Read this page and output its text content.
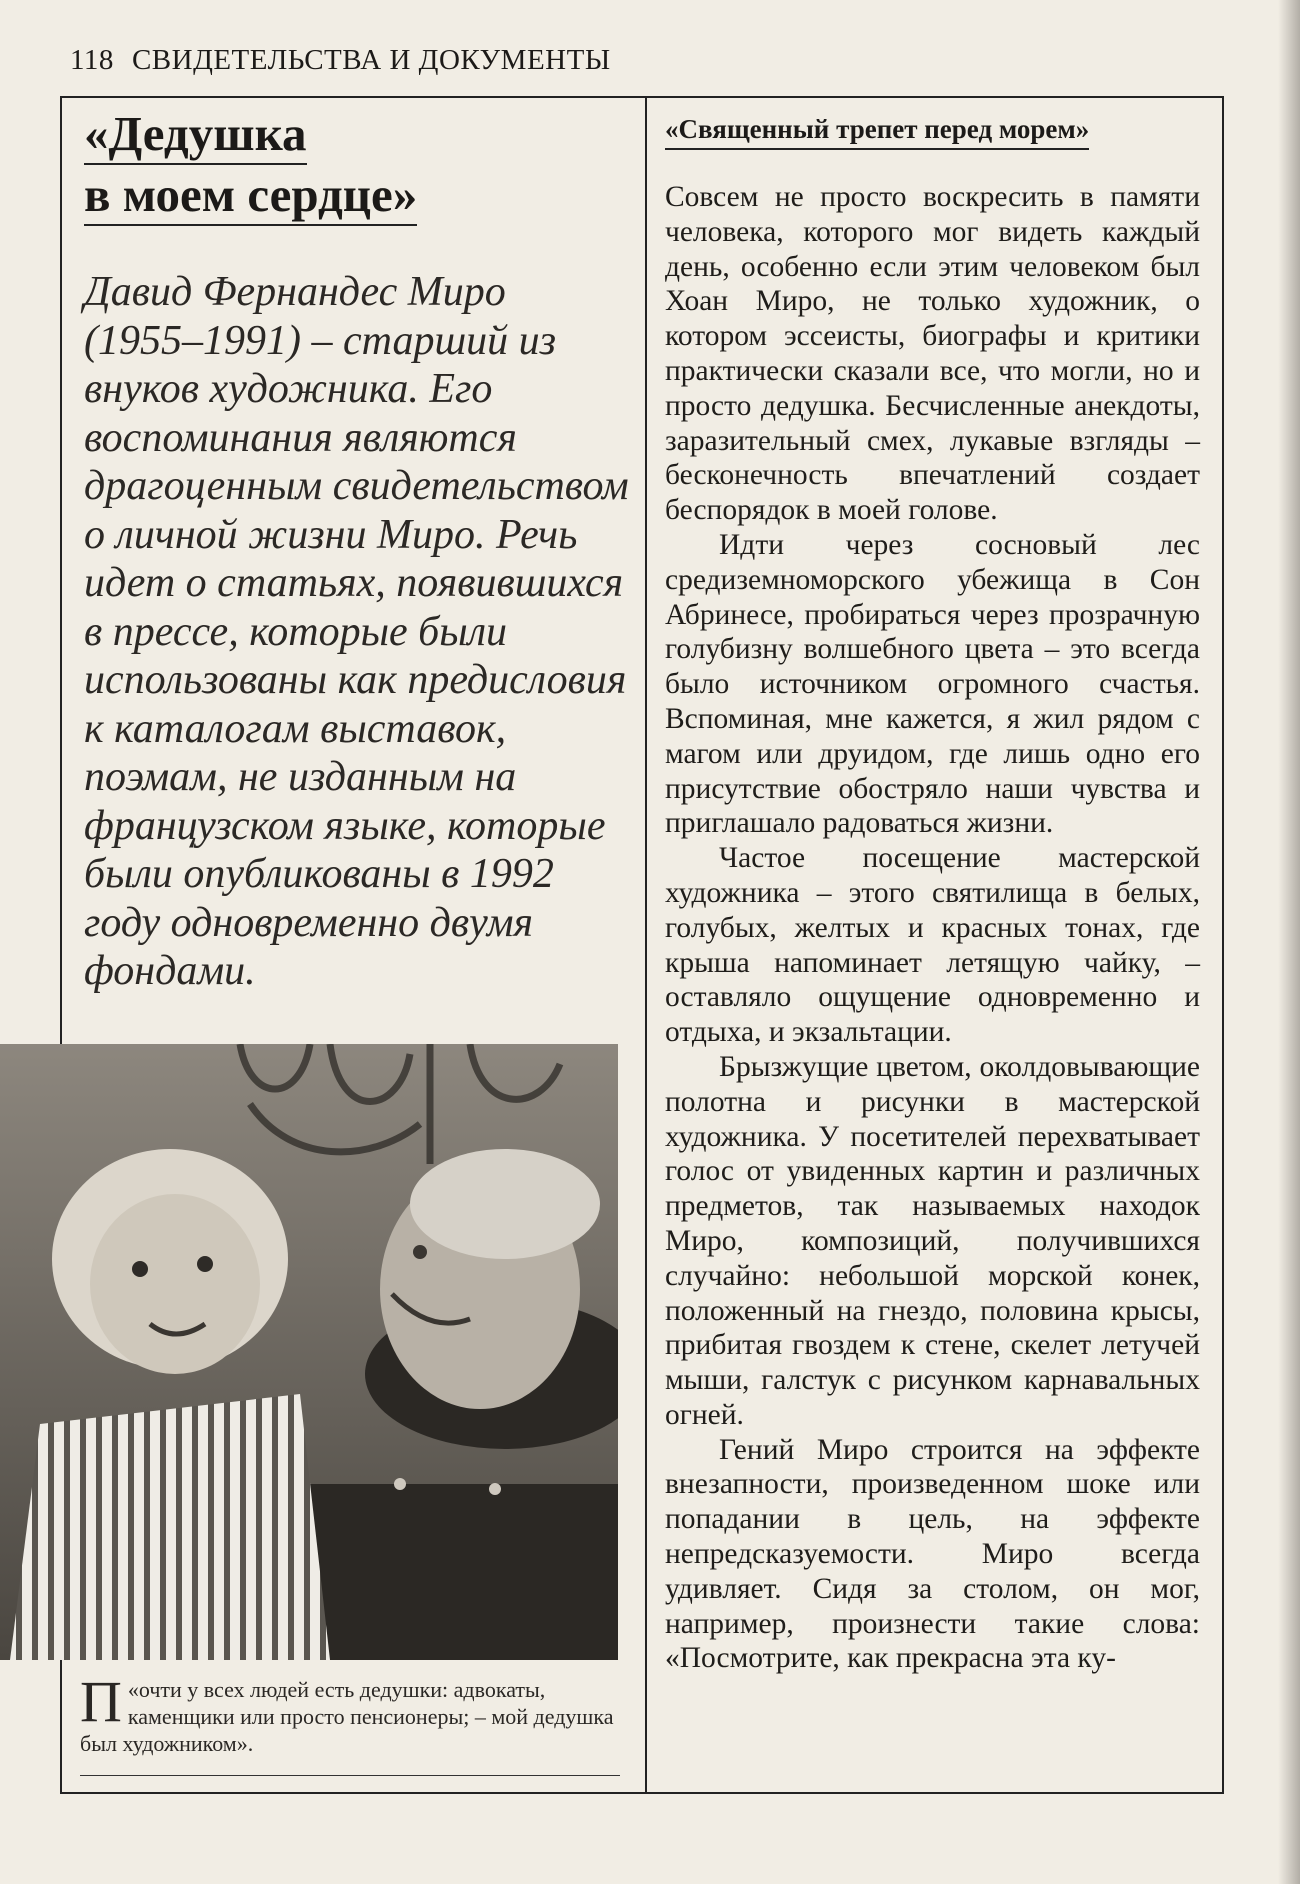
118 СВИДЕТЕЛЬСТВА И ДОКУМЕНТЫ
«Дедушка
в моем сердце»

Давид Фернандес Миро (1955–1991) – старший из внуков художника. Его воспоминания являются драгоценным свидетельством о личной жизни Миро. Речь идет о статьях, появившихся в прессе, которые были использованы как предисловия к каталогам выставок, поэмам, не изданным на французском языке, которые были опубликованы в 1992 году одновременно двумя фондами.

«
П очти у всех людей есть дедушки: адвокаты, каменщики или просто пенсионеры; – мой дедушка был художником».
«Священный трепет перед морем»

Совсем не просто воскресить в памяти человека, которого мог видеть каждый день, особенно если этим человеком был Хоан Миро, не только художник, о котором эссеисты, биографы и критики практически сказали все, что могли, но и просто дедушка. Бесчисленные анекдоты, заразительный смех, лукавые взгляды – бесконечность впечатлений создает беспорядок в моей голове.

Идти через сосновый лес средиземноморского убежища в Сон Абринесе, пробираться через прозрачную голубизну волшебного цвета – это всегда было источником огромного счастья. Вспоминая, мне кажется, я жил рядом с магом или друидом, где лишь одно его присутствие обостряло наши чувства и приглашало радоваться жизни.

Частое посещение мастерской художника – этого святилища в белых, голубых, желтых и красных тонах, где крыша напоминает летящую чайку, – оставляло ощущение одновременно и отдыха, и экзальтации.

Брызжущие цветом, околдовывающие полотна и рисунки в мастерской художника. У посетителей перехватывает голос от увиденных картин и различных предметов, так называемых находок Миро, композиций, получившихся случайно: небольшой морской конек, положенный на гнездо, половина крысы, прибитая гвоздем к стене, скелет летучей мыши, галстук с рисунком карнавальных огней.

Гений Миро строится на эффекте внезапности, произведенном шоке или попадании в цель, на эффекте непредсказуемости. Миро всегда удивляет. Сидя за столом, он мог, например, произнести такие слова: «Посмотрите, как прекрасна эта ку-
